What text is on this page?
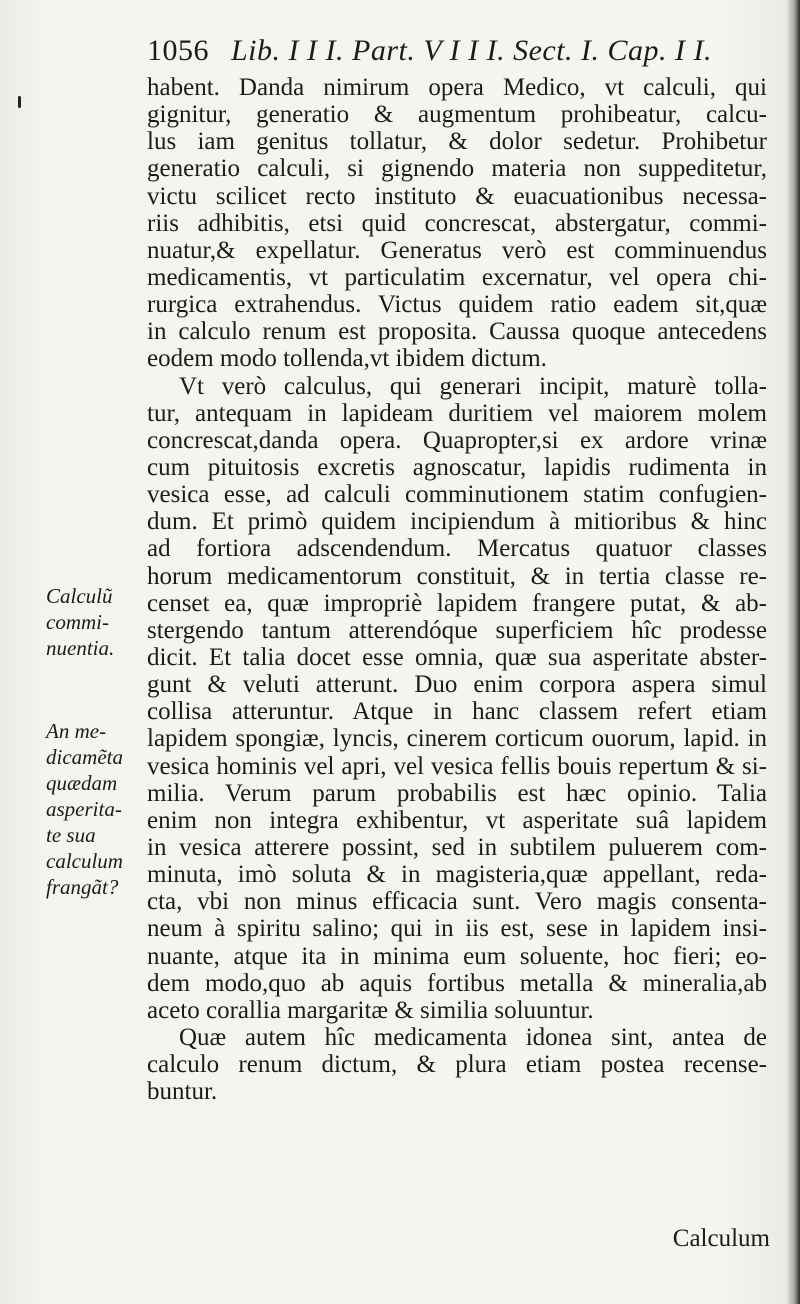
1056 Lib. I I I. Part. V I I I. Sect. I. Cap. I I.
habent. Danda nimirum opera Medico, vt calculi, qui
gignitur, generatio & augmentum prohibeatur, calcu-
lus iam genitus tollatur, & dolor sedetur. Prohibetur
generatio calculi, si gignendo materia non suppeditetur,
victu scilicet recto instituto & euacuationibus necessa-
riis adhibitis, etsi quid concrescat, abstergatur, commi-
nuatur,& expellatur. Generatus verò est comminuendus
medicamentis, vt particulatim excernatur, vel opera chi-
rurgica extrahendus. Victus quidem ratio eadem sit,quæ
in calculo renum est proposita. Caussa quoque antecedens
eodem modo tollenda,vt ibidem dictum.
Vt verò calculus, qui generari incipit, maturè tolla-
tur, antequam in lapideam duritiem vel maiorem molem
concrescat,danda opera. Quapropter,si ex ardore vrinæ
cum pituitosis excretis agnoscatur, lapidis rudimenta in
vesica esse, ad calculi comminutionem statim confugien-
dum. Et primò quidem incipiendum à mitioribus & hinc
ad fortiora adscendendum. Mercatus quatuor classes
horum medicamentorum constituit, & in tertia classe re-
censet ea, quæ impropriè lapidem frangere putat, & ab-
stergendo tantum atterendóque superficiem hîc prodesse
dicit. Et talia docet esse omnia, quæ sua asperitate abster-
gunt & veluti atterunt. Duo enim corpora aspera simul
collisa atteruntur. Atque in hanc classem refert etiam
lapidem spongiæ, lyncis, cinerem corticum ouorum, lapid. in
vesica hominis vel apri, vel vesica fellis bouis repertum & si-
milia. Verum parum probabilis est hæc opinio. Talia
enim non integra exhibentur, vt asperitate suâ lapidem
in vesica atterere possint, sed in subtilem puluerem com-
minuta, imò soluta & in magisteria,quæ appellant, reda-
cta, vbi non minus efficacia sunt. Vero magis consenta-
neum à spiritu salino; qui in iis est, sese in lapidem insi-
nuante, atque ita in minima eum soluente, hoc fieri; eo-
dem modo,quo ab aquis fortibus metalla & mineralia,ab
aceto corallia margaritæ & similia soluuntur.
Quæ autem hîc medicamenta idonea sint, antea de
calculo renum dictum, & plura etiam postea recense-
buntur.
Calculũ
commi-
nuentia.
An me-
dicamẽta
quædam
asperita-
te sua
calculum
frangãt?
Calculum
